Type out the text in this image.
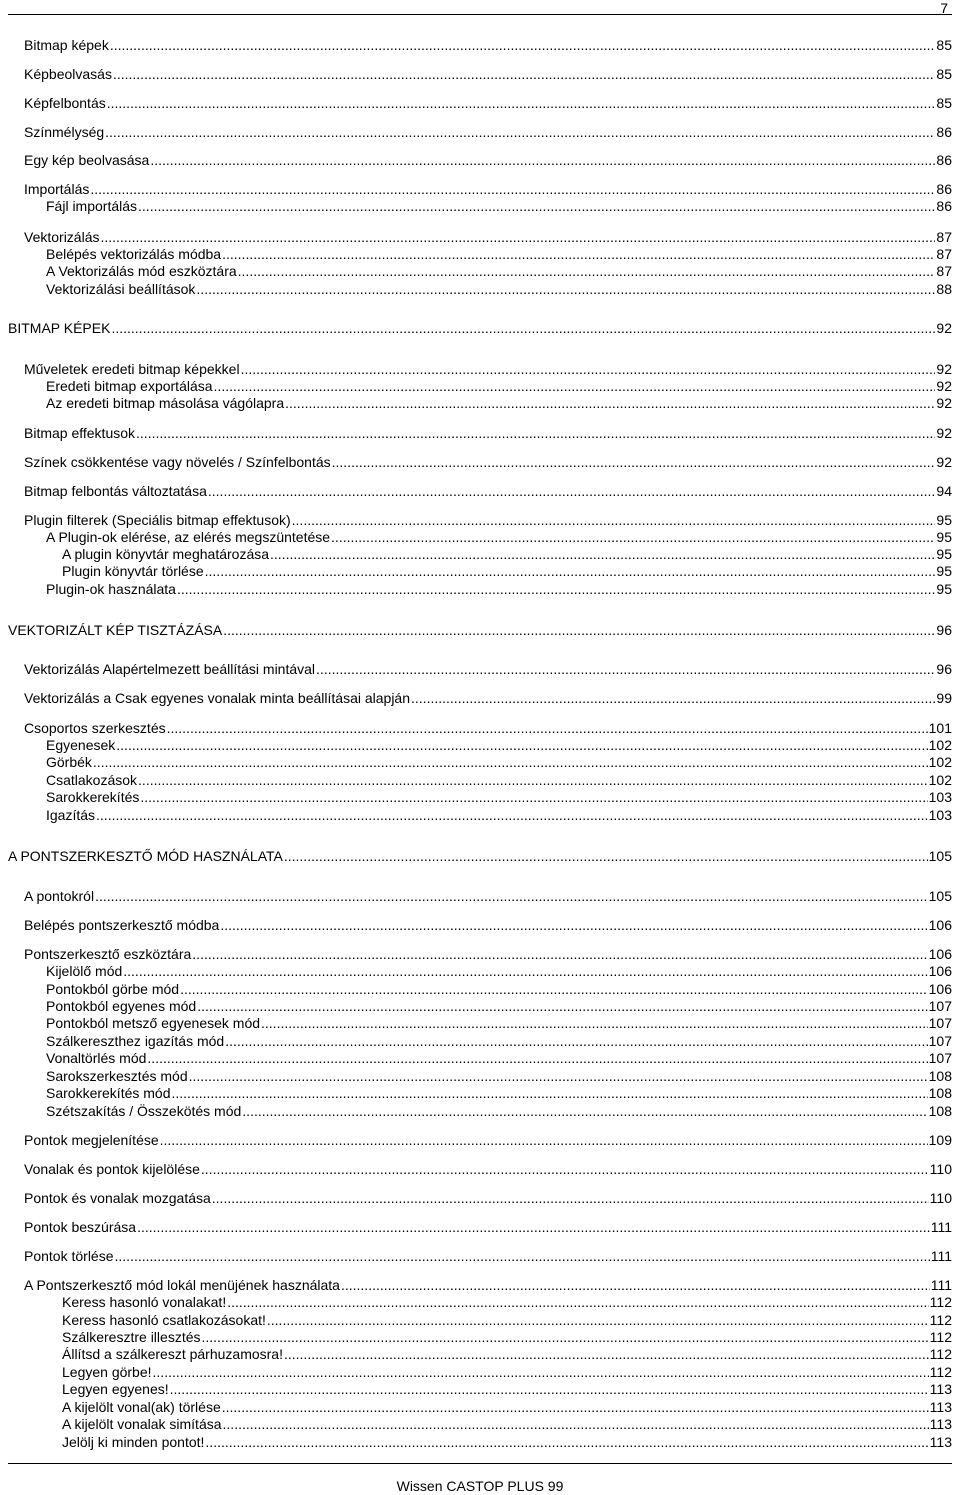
7
Bitmap képek .....	85
Képbeolvasás .....	85
Képfelbontás .....	85
Színmélység .....	86
Egy kép beolvasása .....	86
Importálás .....	86
Fájl importálás .....	86
Vektorizálás .....	87
Belépés vektorizálás módba .....	87
A Vektorizálás mód eszköztára .....	87
Vektorizálási beállítások .....	88
BITMAP KÉPEK .....	92
Műveletek eredeti bitmap képekkel .....	92
Eredeti bitmap exportálása .....	92
Az eredeti bitmap másolása vágólapra .....	92
Bitmap effektusok .....	92
Színek csökkentése vagy növelés / Színfelbontás .....	92
Bitmap felbontás változtatása .....	94
Plugin filterek (Speciális bitmap effektusok) .....	95
A Plugin-ok elérése, az elérés megszüntetése .....	95
A plugin könyvtár meghatározása .....	95
Plugin könyvtár törlése .....	95
Plugin-ok használata .....	95
VEKTORIZÁLT KÉP TISZTÁZÁSA .....	96
Vektorizálás Alapértelmezett beállítási mintával .....	96
Vektorizálás a Csak egyenes vonalak minta beállításai alapján .....	99
Csoportos szerkesztés .....	101
Egyenesek .....	102
Görbék .....	102
Csatlakozások .....	102
Sarokkerekítés .....	103
Igazítás .....	103
A PONTSZERKESZTŐ MÓD HASZNÁLATA .....	105
A pontokról .....	105
Belépés pontszerkesztő módba .....	106
Pontszerkesztő eszköztára .....	106
Kijelölő mód .....	106
Pontokból görbe mód .....	106
Pontokból egyenes mód .....	107
Pontokból metsző egyenesek mód .....	107
Szálkereszthez igazítás mód .....	107
Vonaltörlés mód .....	107
Sarokszerkesztés mód .....	108
Sarokkerekítés mód .....	108
Szétszakítás / Összekötés mód .....	108
Pontok megjelenítése .....	109
Vonalak és pontok kijelölése .....	110
Pontok és vonalak mozgatása .....	110
Pontok beszúrása .....	111
Pontok törlése .....	111
A Pontszerkesztő mód lokál menüjének használata .....	111
Keress hasonló vonalakat! .....	112
Keress hasonló csatlakozásokat! .....	112
Szálkeresztre illesztés .....	112
Állítsd a szálkereszt párhuzamosra! .....	112
Legyen görbe! .....	112
Legyen egyenes! .....	113
A kijelölt vonal(ak) törlése .....	113
A kijelölt vonalak simítása .....	113
Jelölj ki minden pontot! .....	113
Wissen CASTOP PLUS 99
